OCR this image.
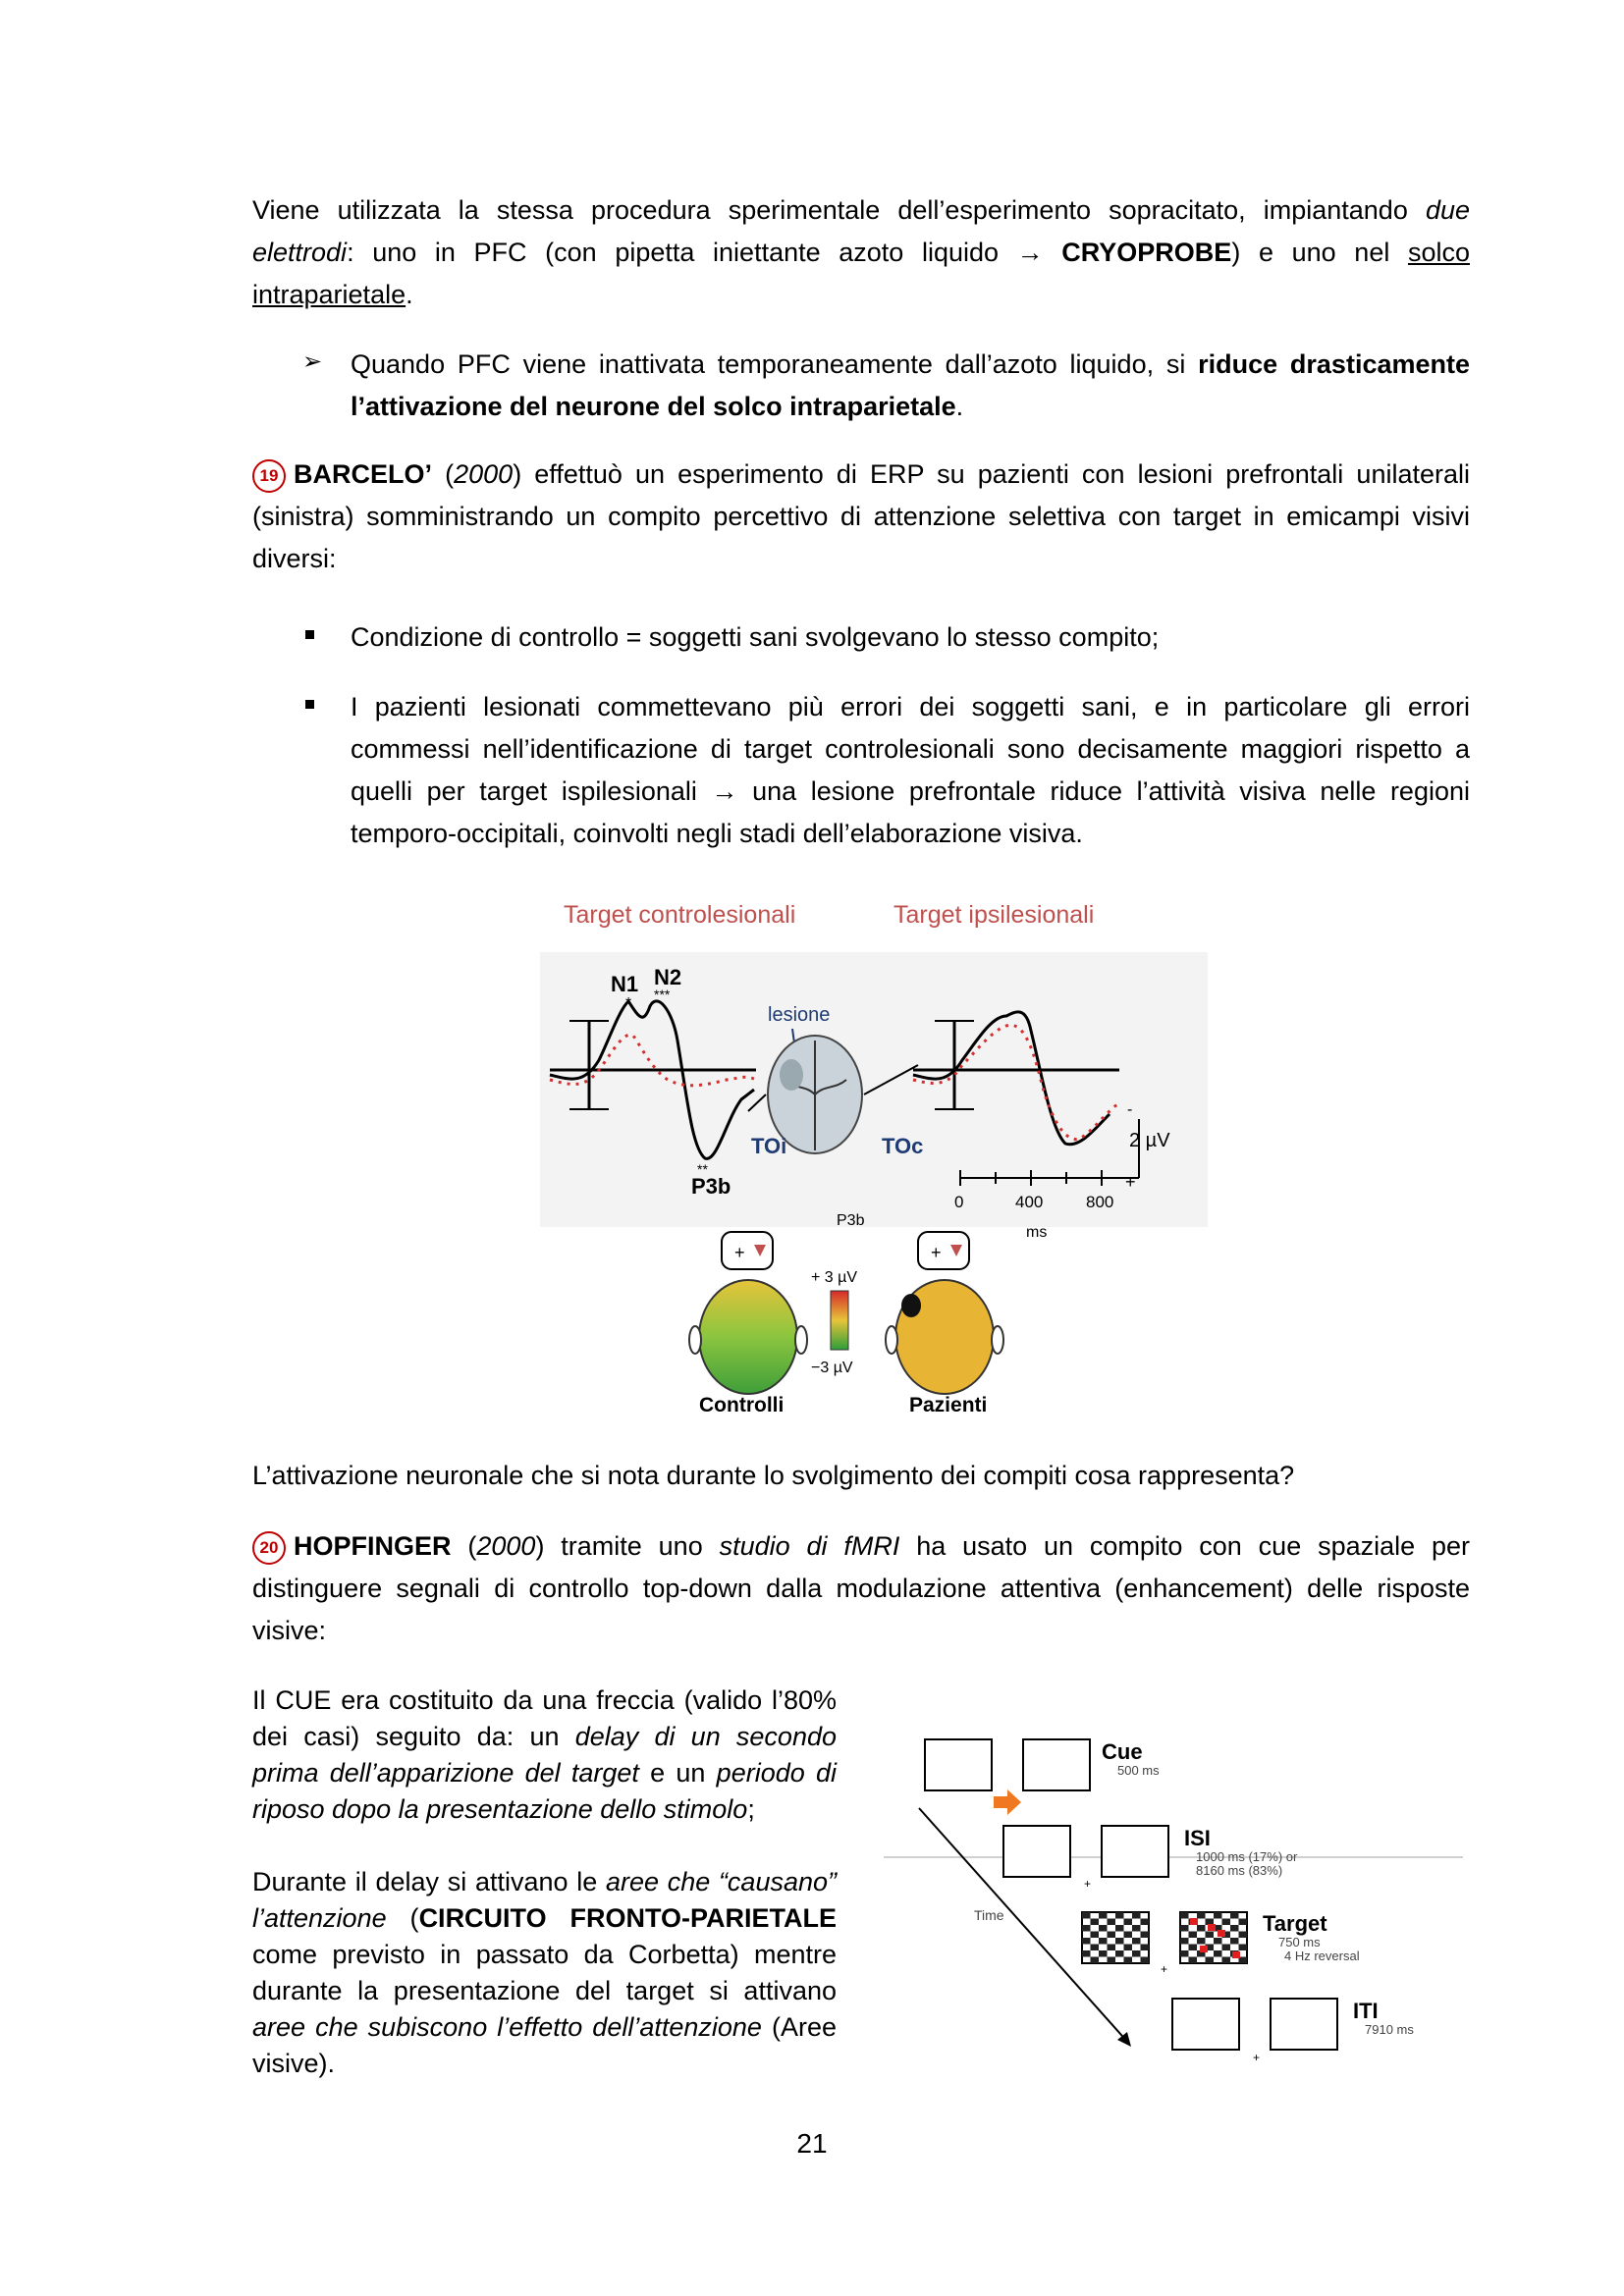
Viene utilizzata la stessa procedura sperimentale dell’esperimento sopracitato, impiantando due elettrodi: uno in PFC (con pipetta iniettante azoto liquido → CRYOPROBE) e uno nel solco intraparietale.

➢ Quando PFC viene inattivata temporaneamente dall’azoto liquido, si riduce drasticamente l’attivazione del neurone del solco intraparietale.

19 BARCELO’ (2000) effettuò un esperimento di ERP su pazienti con lesioni prefrontali unilaterali (sinistra) somministrando un compito percettivo di attenzione selettiva con target in emicampi visivi diversi:

Condizione di controllo = soggetti sani svolgevano lo stesso compito;
I pazienti lesionati commettevano più errori dei soggetti sani, e in particolare gli errori commessi nell’identificazione di target controlesionali sono decisamente maggiori rispetto a quelli per target ispilesionali → una lesione prefrontale riduce l’attività visiva nelle regioni temporo-occipitali, coinvolti negli stadi dell’elaborazione visiva.
Target controlesionali	Target ipsilesionali
N1
*
N2
***
**
P3b
lesione
TOi	TOc
-
2 µV
+
0	400	800
ms
P3b
+	+
+ 3 µV
−3 µV
Controlli	Pazienti
L’attivazione neuronale che si nota durante lo svolgimento dei compiti cosa rappresenta?

20 HOPFINGER (2000) tramite uno studio di fMRI ha usato un compito con cue spaziale per distinguere segnali di controllo top-down dalla modulazione attentiva (enhancement) delle risposte visive:

Il CUE era costituito da una freccia (valido l’80% dei casi) seguito da: un delay di un secondo prima dell’apparizione del target e un periodo di riposo dopo la presentazione dello stimolo;

Durante il delay si attivano le aree che “causano” l’attenzione (CIRCUITO FRONTO-PARIETALE come previsto in passato da Corbetta) mentre durante la presentazione del target si attivano aree che subiscono l’effetto dell’attenzione (Aree visive).

Cue
500 ms
+
ISI
1000 ms (17%) or
8160 ms (83%)
+
Target
750 ms
4 Hz reversal
+
ITI
7910 ms
Time
21
